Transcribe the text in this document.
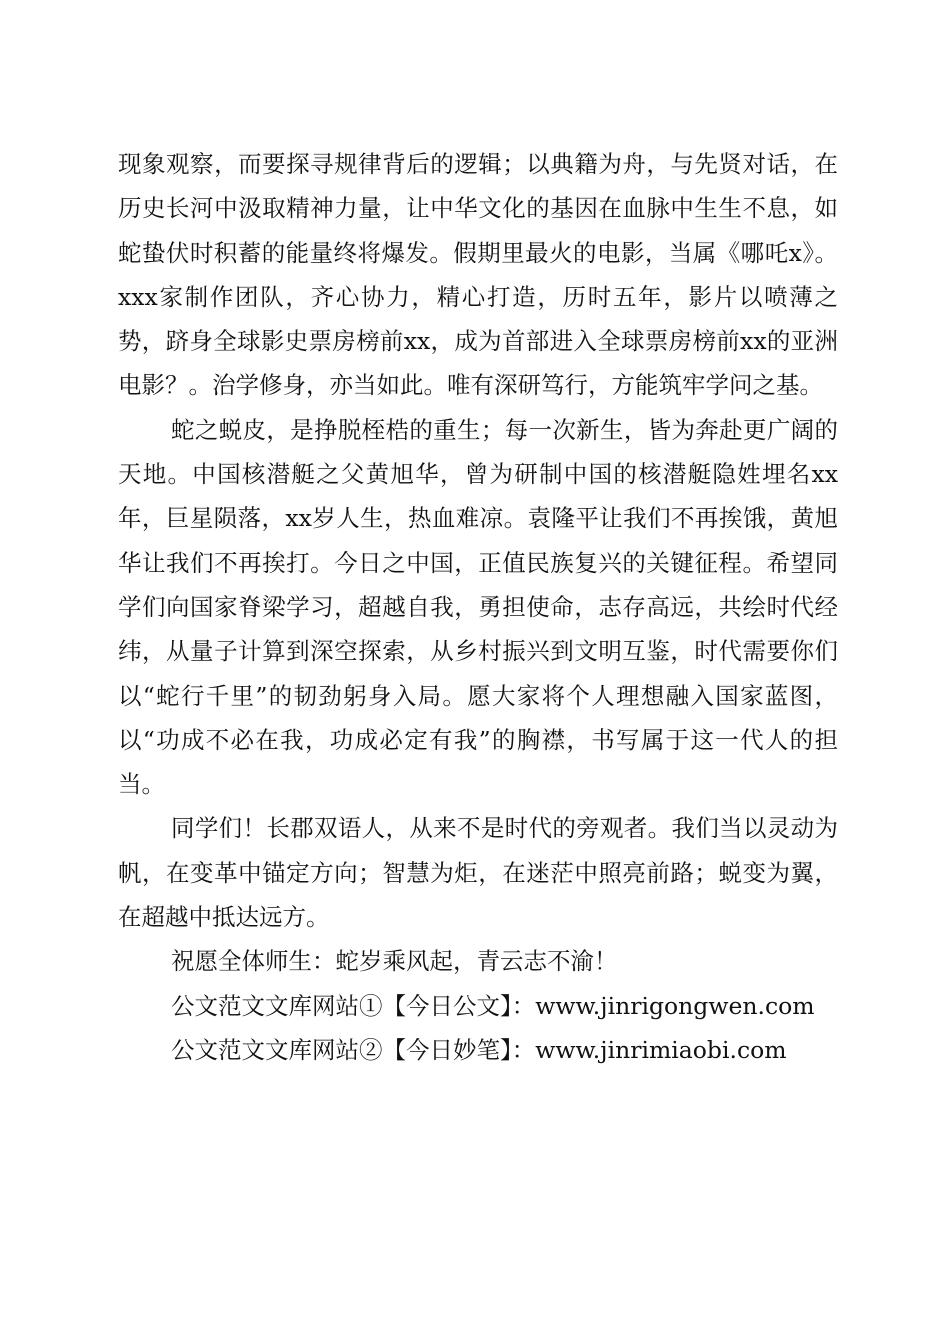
现象观察，而要探寻规律背后的逻辑；以典籍为舟，与先贤对话，在历史长河中汲取精神力量，让中华文化的基因在血脉中生生不息，如蛇蛰伏时积蓄的能量终将爆发。假期里最火的电影，当属《哪吒x》。xxx家制作团队，齐心协力，精心打造，历时五年，影片以喷薄之势，跻身全球影史票房榜前xx，成为首部进入全球票房榜前xx的亚洲电影？。治学修身，亦当如此。唯有深研笃行，方能筑牢学问之基。

蛇之蜕皮，是挣脱桎梏的重生；每一次新生，皆为奔赴更广阔的天地。中国核潜艇之父黄旭华，曾为研制中国的核潜艇隐姓埋名xx年，巨星陨落，xx岁人生，热血难凉。袁隆平让我们不再挨饿，黄旭华让我们不再挨打。今日之中国，正值民族复兴的关键征程。希望同学们向国家脊梁学习，超越自我，勇担使命，志存高远，共绘时代经纬，从量子计算到深空探索，从乡村振兴到文明互鉴，时代需要你们以“蛇行千里”的韧劲躬身入局。愿大家将个人理想融入国家蓝图，以“功成不必在我，功成必定有我”的胸襟，书写属于这一代人的担当。

同学们！长郡双语人，从来不是时代的旁观者。我们当以灵动为帆，在变革中锚定方向；智慧为炬，在迷茫中照亮前路；蜕变为翼，在超越中抵达远方。

祝愿全体师生：蛇岁乘风起，青云志不渝！

公文范文文库网站①【今日公文】：www.jinrigongwen.com

公文范文文库网站②【今日妙笔】：www.jinrimiaobi.com
